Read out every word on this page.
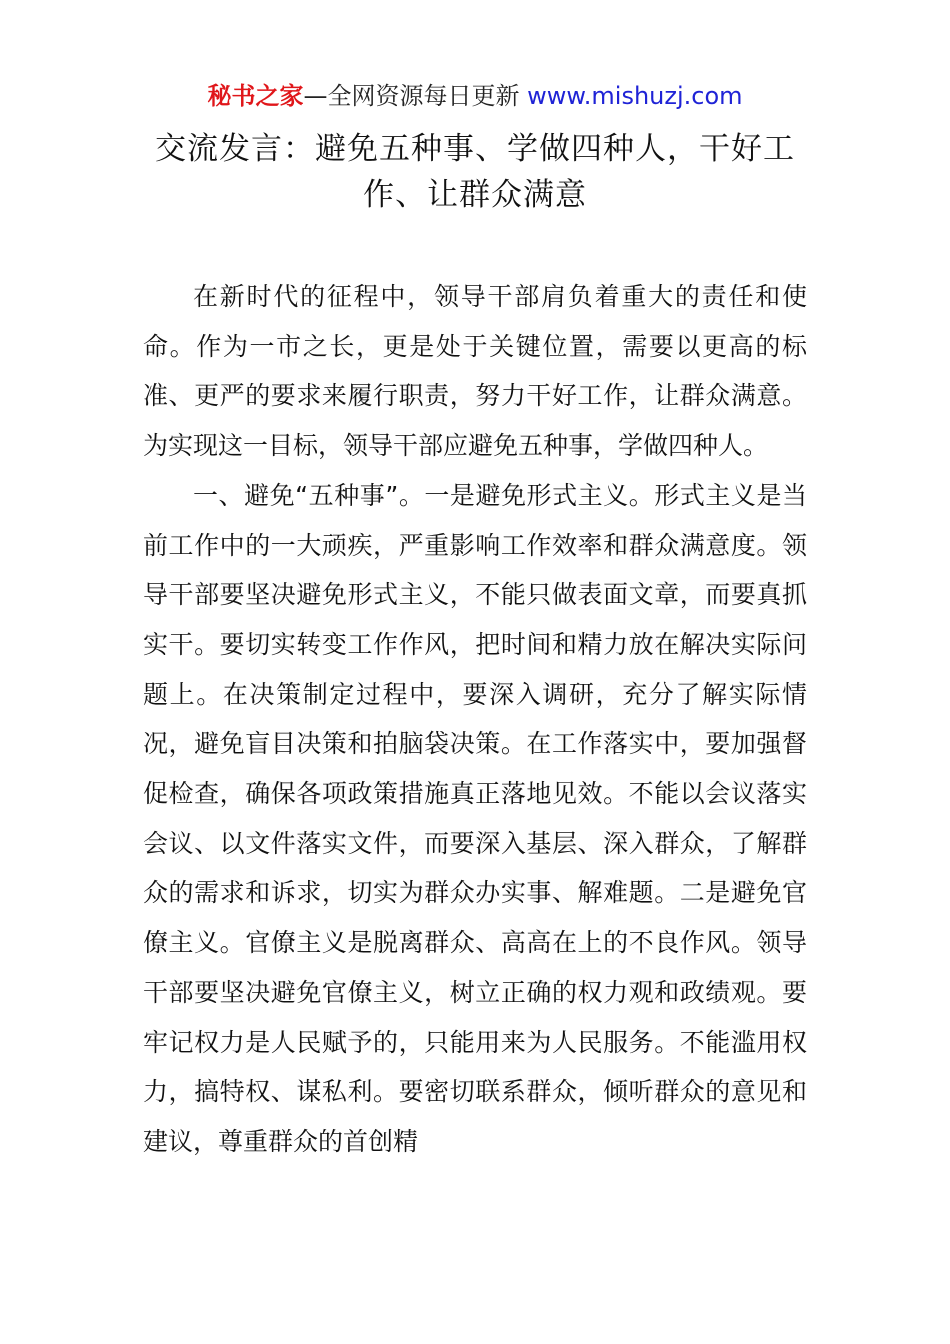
秘书之家—全网资源每日更新 www.mishuzj.com
交流发言：避免五种事、学做四种人，干好工作、让群众满意

在新时代的征程中，领导干部肩负着重大的责任和使命。作为一市之长，更是处于关键位置，需要以更高的标准、更严的要求来履行职责，努力干好工作，让群众满意。为实现这一目标，领导干部应避免五种事，学做四种人。

一、避免“五种事”。一是避免形式主义。形式主义是当前工作中的一大顽疾，严重影响工作效率和群众满意度。领导干部要坚决避免形式主义，不能只做表面文章，而要真抓实干。要切实转变工作作风，把时间和精力放在解决实际问题上。在决策制定过程中，要深入调研，充分了解实际情况，避免盲目决策和拍脑袋决策。在工作落实中，要加强督促检查，确保各项政策措施真正落地见效。不能以会议落实会议、以文件落实文件，而要深入基层、深入群众，了解群众的需求和诉求，切实为群众办实事、解难题。二是避免官僚主义。官僚主义是脱离群众、高高在上的不良作风。领导干部要坚决避免官僚主义，树立正确的权力观和政绩观。要牢记权力是人民赋予的，只能用来为人民服务。不能滥用权力，搞特权、谋私利。要密切联系群众，倾听群众的意见和建议，尊重群众的首创精
